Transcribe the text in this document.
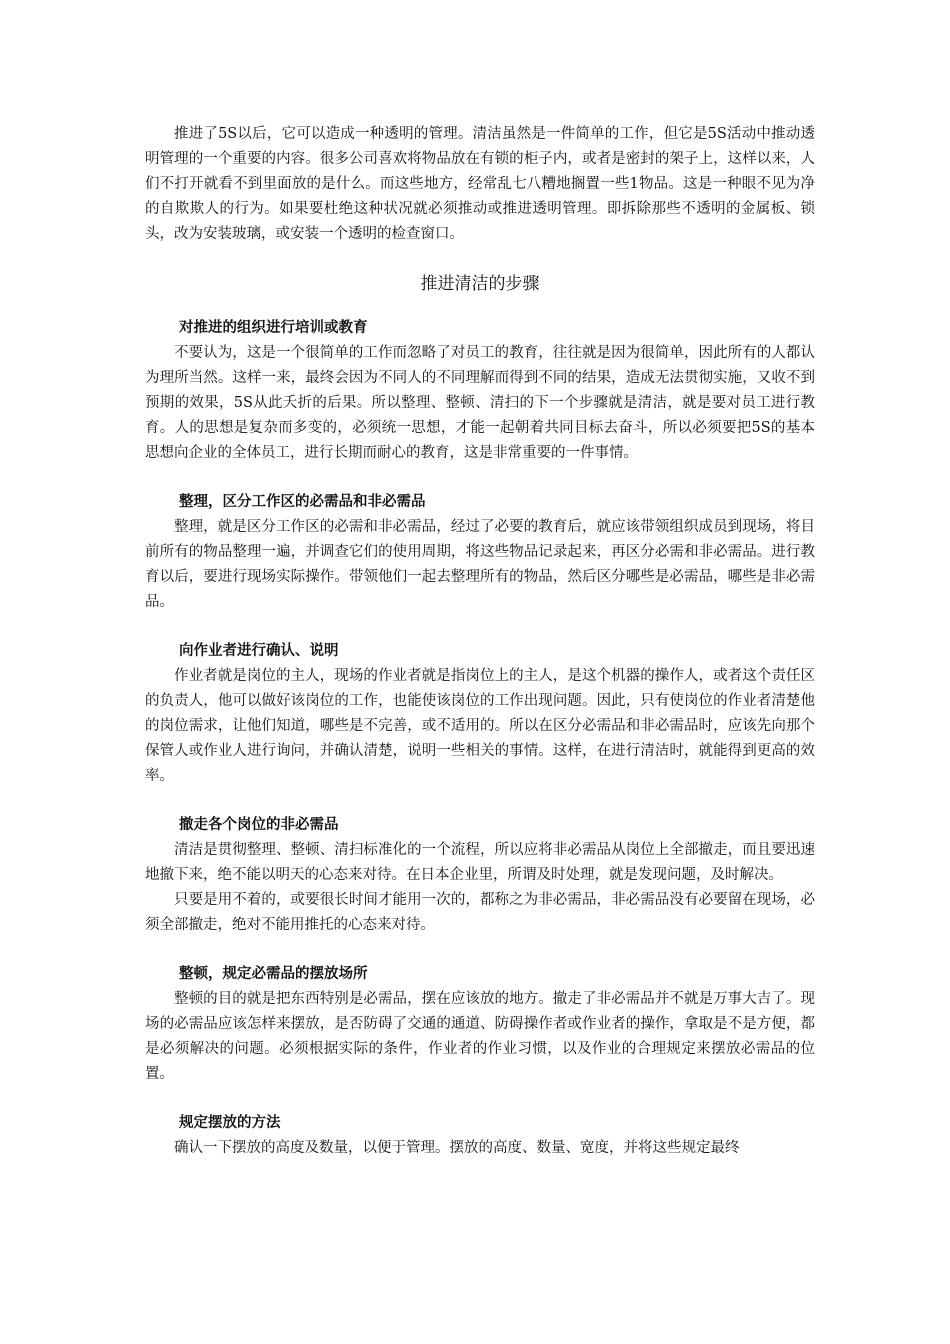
推进了5S以后，它可以造成一种透明的管理。清洁虽然是一件简单的工作，但它是5S活动中推动透明管理的一个重要的内容。很多公司喜欢将物品放在有锁的柜子内，或者是密封的架子上，这样以来，人们不打开就看不到里面放的是什么。而这些地方，经常乱七八糟地搁置一些1物品。这是一种眼不见为净的自欺欺人的行为。如果要杜绝这种状况就必须推动或推进透明管理。即拆除那些不透明的金属板、锁头，改为安装玻璃，或安装一个透明的检查窗口。

推进清洁的步骤
对推进的组织进行培训或教育

不要认为，这是一个很简单的工作而忽略了对员工的教育，往往就是因为很简单，因此所有的人都认为理所当然。这样一来，最终会因为不同人的不同理解而得到不同的结果，造成无法贯彻实施，又收不到预期的效果，5S从此夭折的后果。所以整理、整顿、清扫的下一个步骤就是清洁，就是要对员工进行教育。人的思想是复杂而多变的，必须统一思想，才能一起朝着共同目标去奋斗，所以必须要把5S的基本思想向企业的全体员工，进行长期而耐心的教育，这是非常重要的一件事情。

整理，区分工作区的必需品和非必需品

整理，就是区分工作区的必需和非必需品，经过了必要的教育后，就应该带领组织成员到现场，将目前所有的物品整理一遍，并调查它们的使用周期，将这些物品记录起来，再区分必需和非必需品。进行教育以后，要进行现场实际操作。带领他们一起去整理所有的物品，然后区分哪些是必需品，哪些是非必需品。

向作业者进行确认、说明

作业者就是岗位的主人，现场的作业者就是指岗位上的主人，是这个机器的操作人，或者这个责任区的负责人，他可以做好该岗位的工作，也能使该岗位的工作出现问题。因此，只有使岗位的作业者清楚他的岗位需求，让他们知道，哪些是不完善，或不适用的。所以在区分必需品和非必需品时，应该先向那个保管人或作业人进行询问，并确认清楚，说明一些相关的事情。这样，在进行清洁时，就能得到更高的效率。

撤走各个岗位的非必需品

清洁是贯彻整理、整顿、清扫标准化的一个流程，所以应将非必需品从岗位上全部撤走，而且要迅速地撤下来，绝不能以明天的心态来对待。在日本企业里，所谓及时处理，就是发现问题，及时解决。

只要是用不着的，或要很长时间才能用一次的，都称之为非必需品，非必需品没有必要留在现场，必须全部撤走，绝对不能用推托的心态来对待。

整顿，规定必需品的摆放场所

整顿的目的就是把东西特别是必需品，摆在应该放的地方。撤走了非必需品并不就是万事大吉了。现场的必需品应该怎样来摆放，是否防碍了交通的通道、防碍操作者或作业者的操作，拿取是不是方便，都是必须解决的问题。必须根据实际的条件，作业者的作业习惯，以及作业的合理规定来摆放必需品的位置。

规定摆放的方法

确认一下摆放的高度及数量，以便于管理。摆放的高度、数量、宽度，并将这些规定最终
